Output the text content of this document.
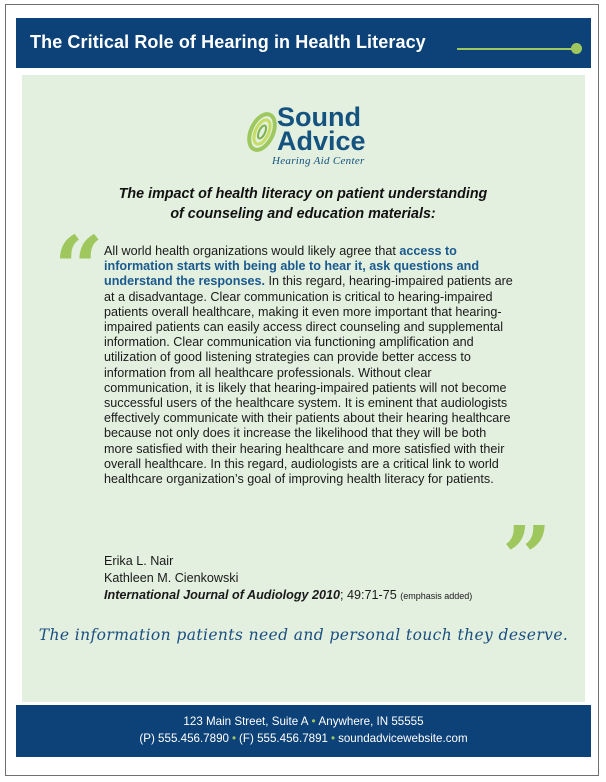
The Critical Role of Hearing in Health Literacy
Sound
Advice
Hearing Aid Center
The impact of health literacy on patient understanding
of counseling and education materials:
“ All world health organizations would likely agree that access to information starts with being able to hear it, ask questions and understand the responses. In this regard, hearing-impaired patients are at a disadvantage. Clear communication is critical to hearing-impaired patients overall healthcare, making it even more important that hearing-impaired patients can easily access direct counseling and supplemental information. Clear communication via functioning amplification and utilization of good listening strategies can provide better access to information from all healthcare professionals. Without clear communication, it is likely that hearing-impaired patients will not become successful users of the healthcare system. It is eminent that audiologists effectively communicate with their patients about their hearing healthcare because not only does it increase the likelihood that they will be both more satisfied with their hearing healthcare and more satisfied with their overall healthcare. In this regard, audiologists are a critical link to world healthcare organization’s goal of improving health literacy for patients.
”
Erika L. Nair
Kathleen M. Cienkowski
International Journal of Audiology 2010; 49:71-75 (emphasis added)
The information patients need and personal touch they deserve.
123 Main Street, Suite A • Anywhere, IN 55555
(P) 555.456.7890 • (F) 555.456.7891 • soundadvicewebsite.com
